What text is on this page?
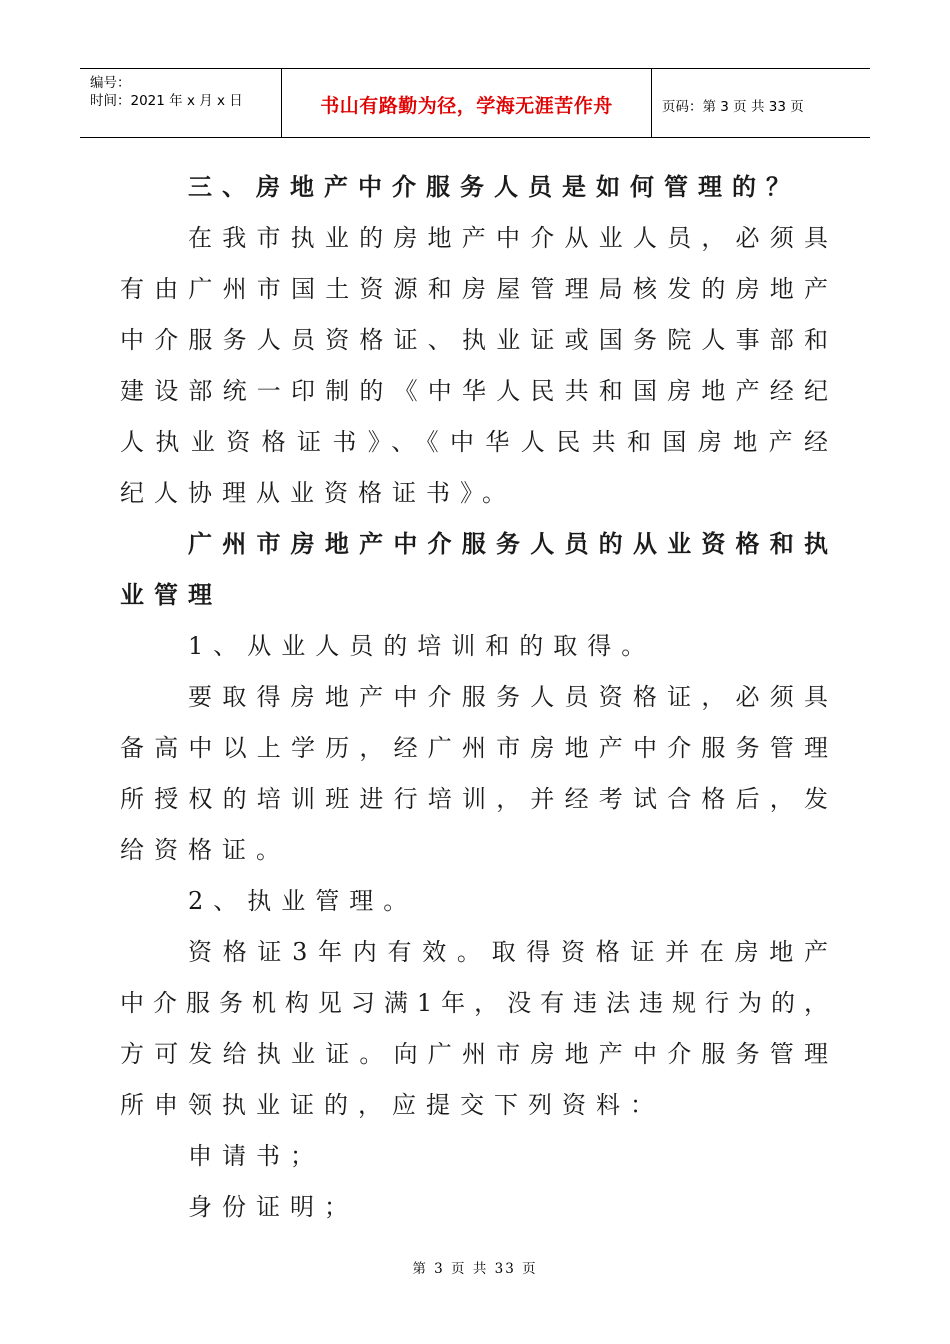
编号：
时间：2021 年 x 月 x 日	书山有路勤为径，学海无涯苦作舟	页码：第 3 页 共 33 页
三、房地产中介服务人员是如何管理的？
在我市执业的房地产中介从业人员，必须具
有由广州市国土资源和房屋管理局核发的房地产
中介服务人员资格证、执业证或国务院人事部和
建设部统一印制的《中华人民共和国房地产经纪
人执业资格证书》、《中华人民共和国房地产经
纪人协理从业资格证书》。
广州市房地产中介服务人员的从业资格和执
业管理
1、从业人员的培训和的取得。
要取得房地产中介服务人员资格证，必须具
备高中以上学历，经广州市房地产中介服务管理
所授权的培训班进行培训，并经考试合格后，发
给资格证。
2、执业管理。
资格证3年内有效。取得资格证并在房地产
中介服务机构见习满1年，没有违法违规行为的，
方可发给执业证。向广州市房地产中介服务管理
所申领执业证的，应提交下列资料：
申请书；
身份证明；
第 3 页 共 33 页
